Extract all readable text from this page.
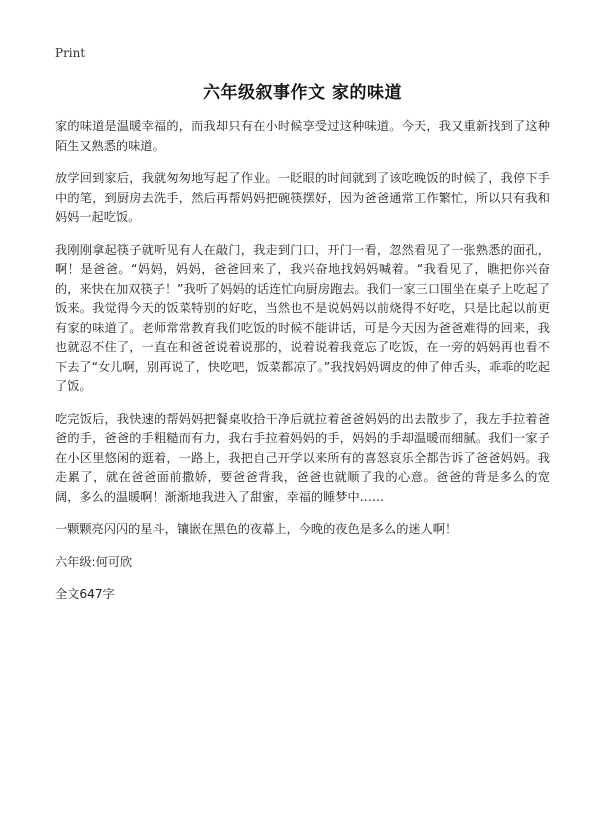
Print
六年级叙事作文 家的味道

家的味道是温暖幸福的，而我却只有在小时候享受过这种味道。今天，我又重新找到了这种陌生又熟悉的味道。

放学回到家后，我就匆匆地写起了作业。一眨眼的时间就到了该吃晚饭的时候了，我停下手中的笔，到厨房去洗手，然后再帮妈妈把碗筷摆好，因为爸爸通常工作繁忙，所以只有我和妈妈一起吃饭。

我刚刚拿起筷子就听见有人在敲门，我走到门口，开门一看，忽然看见了一张熟悉的面孔，啊！是爸爸。“妈妈，妈妈，爸爸回来了，我兴奋地找妈妈喊着。“我看见了，瞧把你兴奋的，来快在加双筷子！”我听了妈妈的话连忙向厨房跑去。我们一家三口围坐在桌子上吃起了饭来。我觉得今天的饭菜特别的好吃，当然也不是说妈妈以前烧得不好吃，只是比起以前更有家的味道了。老师常常教育我们吃饭的时候不能讲话，可是今天因为爸爸难得的回来，我也就忍不住了，一直在和爸爸说着说那的，说着说着我竟忘了吃饭，在一旁的妈妈再也看不下去了“女儿啊，别再说了，快吃吧，饭菜都凉了。”我找妈妈调皮的伸了伸舌头，乖乖的吃起了饭。

吃完饭后，我快速的帮妈妈把餐桌收拾干净后就拉着爸爸妈妈的出去散步了，我左手拉着爸爸的手，爸爸的手粗糙而有力，我右手拉着妈妈的手，妈妈的手却温暖而细腻。我们一家子在小区里悠闲的逛着，一路上，我把自己开学以来所有的喜怒哀乐全都告诉了爸爸妈妈。我走累了，就在爸爸面前撒娇，要爸爸背我，爸爸也就顺了我的心意。爸爸的背是多么的宽阔，多么的温暖啊！渐渐地我进入了甜蜜，幸福的睡梦中……

一颗颗亮闪闪的星斗，镶嵌在黑色的夜幕上，今晚的夜色是多么的迷人啊！

六年级:何可欣

全文647字
